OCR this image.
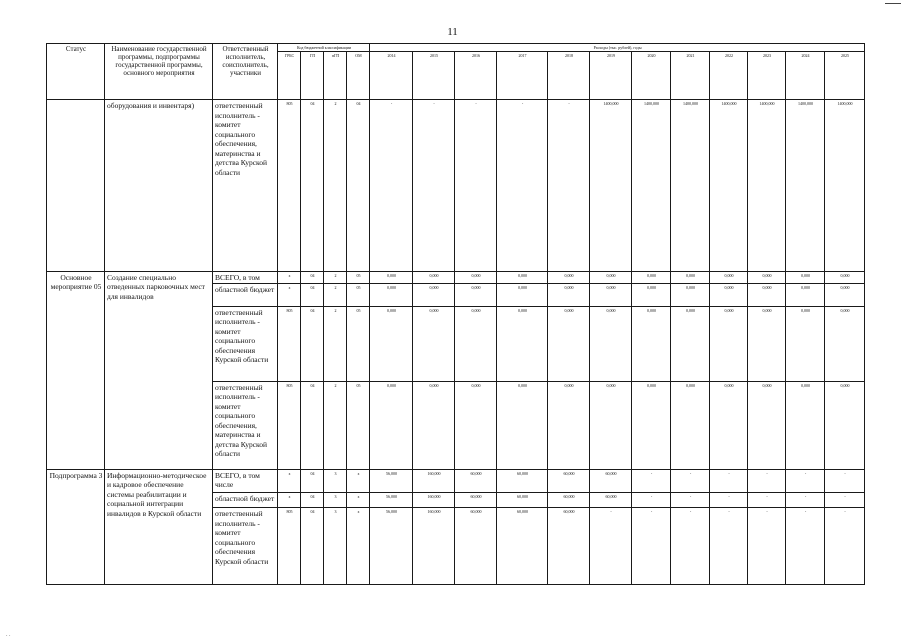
11
Статус	Наименование государственной программы, подпрограммы государственной программы, основного мероприятия	Ответственный исполнитель, соисполнитель, участники	Код бюджетной классификации				Расходы (тыс. рублей), годы											
			ГРБС	ГП	пГП	ОМ	2014	2015	2016	2017	2018	2019	2020	2021	2022	2023	2024	2025
	оборудования и инвентаря)	ответственный исполнитель - комитет социального обеспечения, материнства и детства Курской области	805	04	2	04	-	-	-	-	-	1400,000	1400,000	1400,000	1400,000	1400,000	1400,000	1400,000
Основное мероприятие 05	Создание специально отведенных парковочных мест для инвалидов	ВСЕГО, в том	x	04	2	05	0,000	0,000	0,000	0,000	0,000	0,000	0,000	0,000	0,000	0,000	0,000	0,000
		областной бюджет	x	04	2	05	0,000	0,000	0,000	0,000	0,000	0,000	0,000	0,000	0,000	0,000	0,000	0,000
		ответственный исполнитель - комитет социального обеспечения Курской области	805	04	2	05	0,000	0,000	0,000	0,000	0,000	0,000	0,000	0,000	0,000	0,000	0,000	0,000
		ответственный исполнитель - комитет социального обеспечения, материнства и детства Курской области	805	04	2	05	0,000	0,000	0,000	0,000	0,000	0,000	0,000	0,000	0,000	0,000	0,000	0,000
Подпрограмма 3	Информационно-методическое и кадровое обеспечение системы реабилитации и социальной интеграции инвалидов в Курской области	ВСЕГО, в том числе	x	04	3	x	56,000	160,000	60,000	60,000	60,000	60,000	-	-	-	-	-	-
		областной бюджет	x	04	3	x	56,000	160,000	60,000	60,000	60,000	60,000	-	-	-	-	-	-
		ответственный исполнитель - комитет социального обеспечения Курской области	805	04	3	x	56,000	160,000	60,000	60,000	60,000	-	-	-	-	-	-	-
. .
